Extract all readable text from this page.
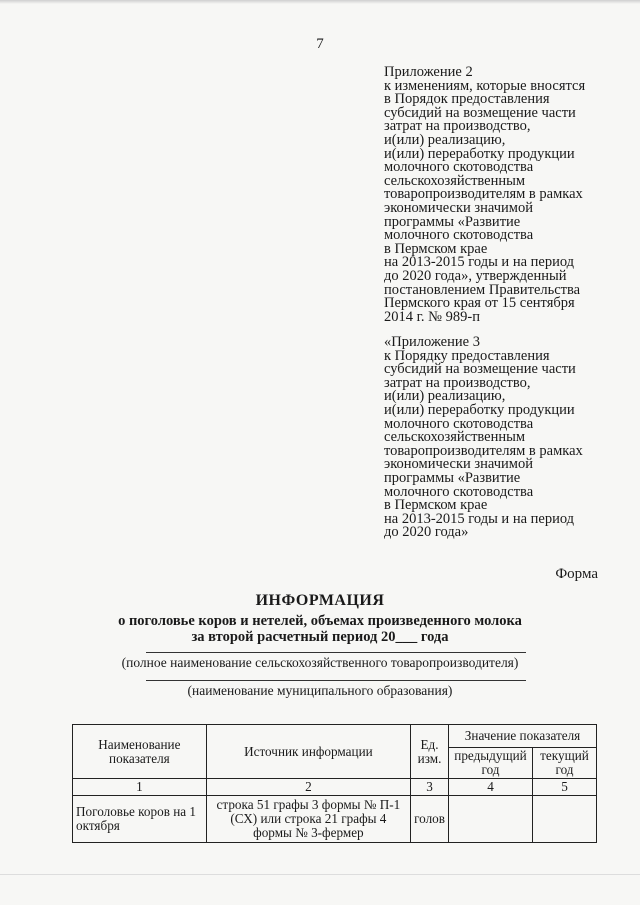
7
Приложение 2
к изменениям, которые вносятся
в Порядок предоставления
субсидий на возмещение части
затрат на производство,
и(или) реализацию,
и(или) переработку продукции
молочного скотоводства
сельскохозяйственным
товаропроизводителям в рамках
экономически значимой
программы «Развитие
молочного скотоводства
в Пермском крае
на 2013-2015 годы и на период
до 2020 года», утвержденный
постановлением Правительства
Пермского края от 15 сентября
2014 г. № 989-п
«Приложение 3
к Порядку предоставления
субсидий на возмещение части
затрат на производство,
и(или) реализацию,
и(или) переработку продукции
молочного скотоводства
сельскохозяйственным
товаропроизводителям в рамках
экономически значимой
программы «Развитие
молочного скотоводства
в Пермском крае
на 2013-2015 годы и на период
до 2020 года»
Форма
ИНФОРМАЦИЯ
о поголовье коров и нетелей, объемах произведенного молока
за второй расчетный период 20___ года
(полное наименование сельскохозяйственного товаропроизводителя)
(наименование муниципального образования)
Наименование показателя	Источник информации	Ед. изм.	Значение показателя	
			предыдущий год	текущий год
1	2	3	4	5
Поголовье коров на 1 октября	строка 51 графы 3 формы № П-1 (СХ) или строка 21 графы 4 формы № 3-фермер	голов		
